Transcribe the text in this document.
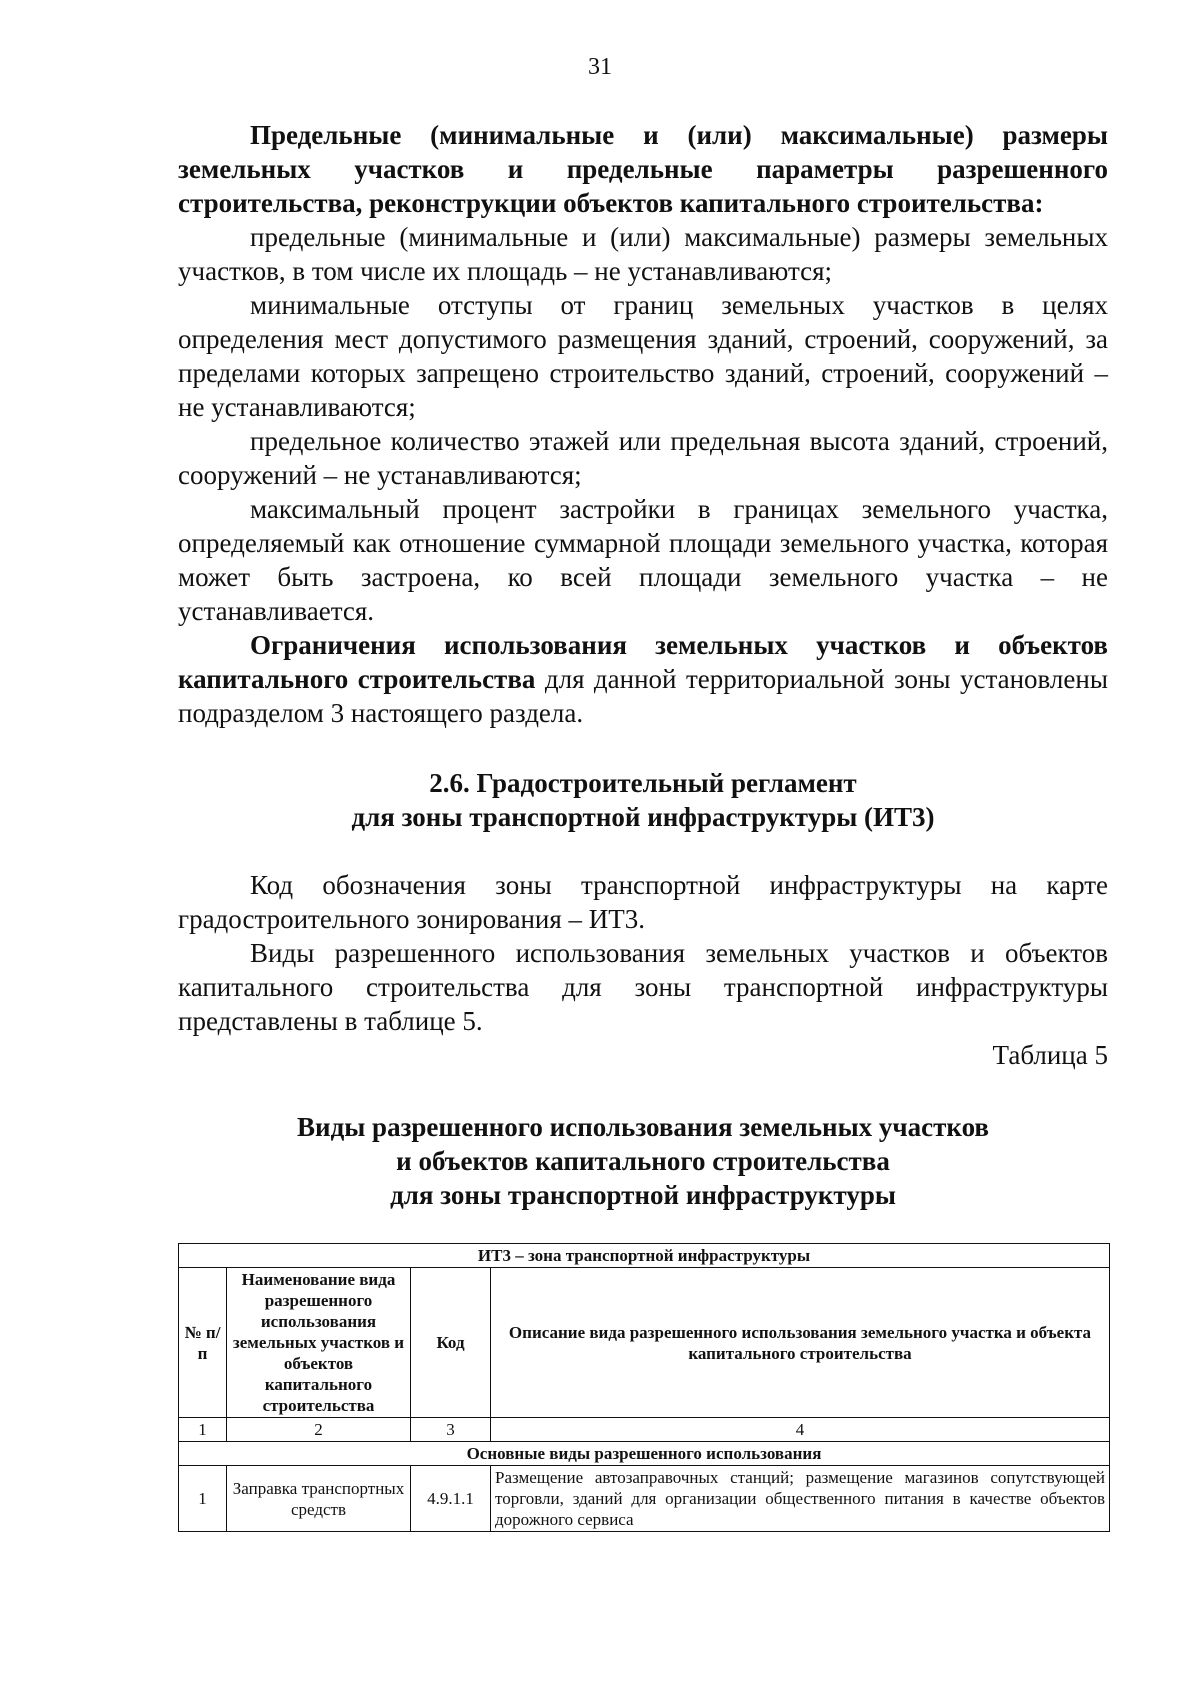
31

Предельные (минимальные и (или) максимальные) размеры земельных участков и предельные параметры разрешенного строительства, реконструкции объектов капитального строительства:

предельные (минимальные и (или) максимальные) размеры земельных участков, в том числе их площадь – не устанавливаются;

минимальные отступы от границ земельных участков в целях определения мест допустимого размещения зданий, строений, сооружений, за пределами которых запрещено строительство зданий, строений, сооружений – не устанавливаются;

предельное количество этажей или предельная высота зданий, строений, сооружений – не устанавливаются;

максимальный процент застройки в границах земельного участка, определяемый как отношение суммарной площади земельного участка, которая может быть застроена, ко всей площади земельного участка – не устанавливается.

Ограничения использования земельных участков и объектов капитального строительства для данной территориальной зоны установлены подразделом 3 настоящего раздела.

2.6. Градостроительный регламент
для зоны транспортной инфраструктуры (ИТ3)

Код обозначения зоны транспортной инфраструктуры на карте градостроительного зонирования – ИТ3.

Виды разрешенного использования земельных участков и объектов капитального строительства для зоны транспортной инфраструктуры представлены в таблице 5.

Таблица 5

Виды разрешенного использования земельных участков
и объектов капитального строительства
для зоны транспортной инфраструктуры
ИТ3 – зона транспортной инфраструктуры			
№ п/п	Наименование вида разрешенного использования земельных участков и объектов капитального строительства	Код	Описание вида разрешенного использования земельного участка и объекта капитального строительства
1	2	3	4
Основные виды разрешенного использования			
1	Заправка транспортных средств	4.9.1.1	Размещение автозаправочных станций; размещение магазинов сопутствующей торговли, зданий для организации общественного питания в качестве объектов дорожного сервиса
